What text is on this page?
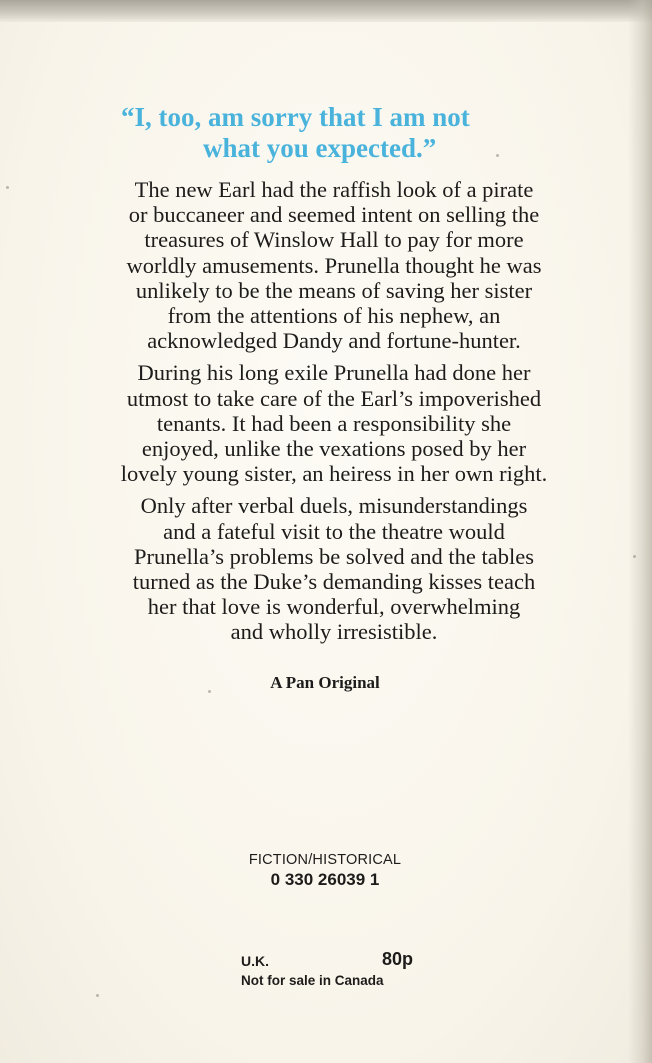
“I, too, am sorry that I am not
what you expected.”

The new Earl had the raffish look of a pirate
or buccaneer and seemed intent on selling the
treasures of Winslow Hall to pay for more
worldly amusements. Prunella thought he was
unlikely to be the means of saving her sister
from the attentions of his nephew, an
acknowledged Dandy and fortune-hunter.

During his long exile Prunella had done her
utmost to take care of the Earl’s impoverished
tenants. It had been a responsibility she
enjoyed, unlike the vexations posed by her
lovely young sister, an heiress in her own right.

Only after verbal duels, misunderstandings
and a fateful visit to the theatre would
Prunella’s problems be solved and the tables
turned as the Duke’s demanding kisses teach
her that love is wonderful, overwhelming
and wholly irresistible.

A Pan Original
FICTION/HISTORICAL
0 330 26039 1
U.K.	80p
Not for sale in Canada
